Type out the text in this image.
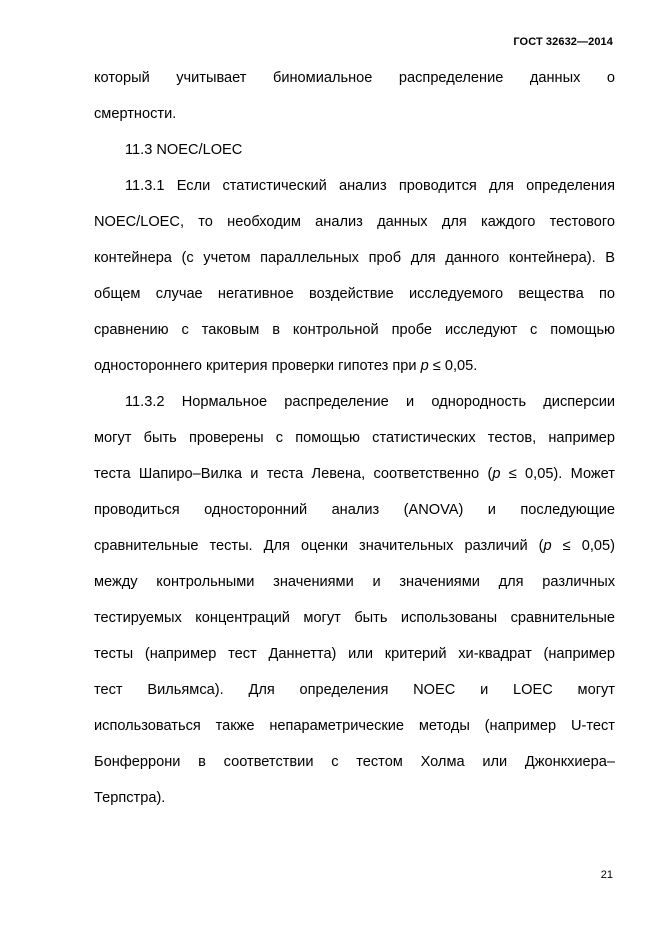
ГОСТ 32632—2014
который учитывает биномиальное распределение данных о
смертности.
11.3 NOEC/LOEC
11.3.1 Если статистический анализ проводится для определения
NOEC/LOEC, то необходим анализ данных для каждого тестового
контейнера (с учетом параллельных проб для данного контейнера). В
общем случае негативное воздействие исследуемого вещества по
сравнению с таковым в контрольной пробе исследуют с помощью
одностороннего критерия проверки гипотез при p ≤ 0,05.
11.3.2 Нормальное распределение и однородность дисперсии
могут быть проверены с помощью статистических тестов, например
теста Шапиро–Вилка и теста Левена, соответственно (p ≤ 0,05). Может
проводиться односторонний анализ (ANOVA) и последующие
сравнительные тесты. Для оценки значительных различий (p ≤ 0,05)
между контрольными значениями и значениями для различных
тестируемых концентраций могут быть использованы сравнительные
тесты (например тест Даннетта) или критерий хи-квадрат (например
тест Вильямса). Для определения NOEC и LOEC могут
использоваться также непараметрические методы (например U-тест
Бонферрони в соответствии с тестом Холма или Джонкхиера–
Терпстра).
21
